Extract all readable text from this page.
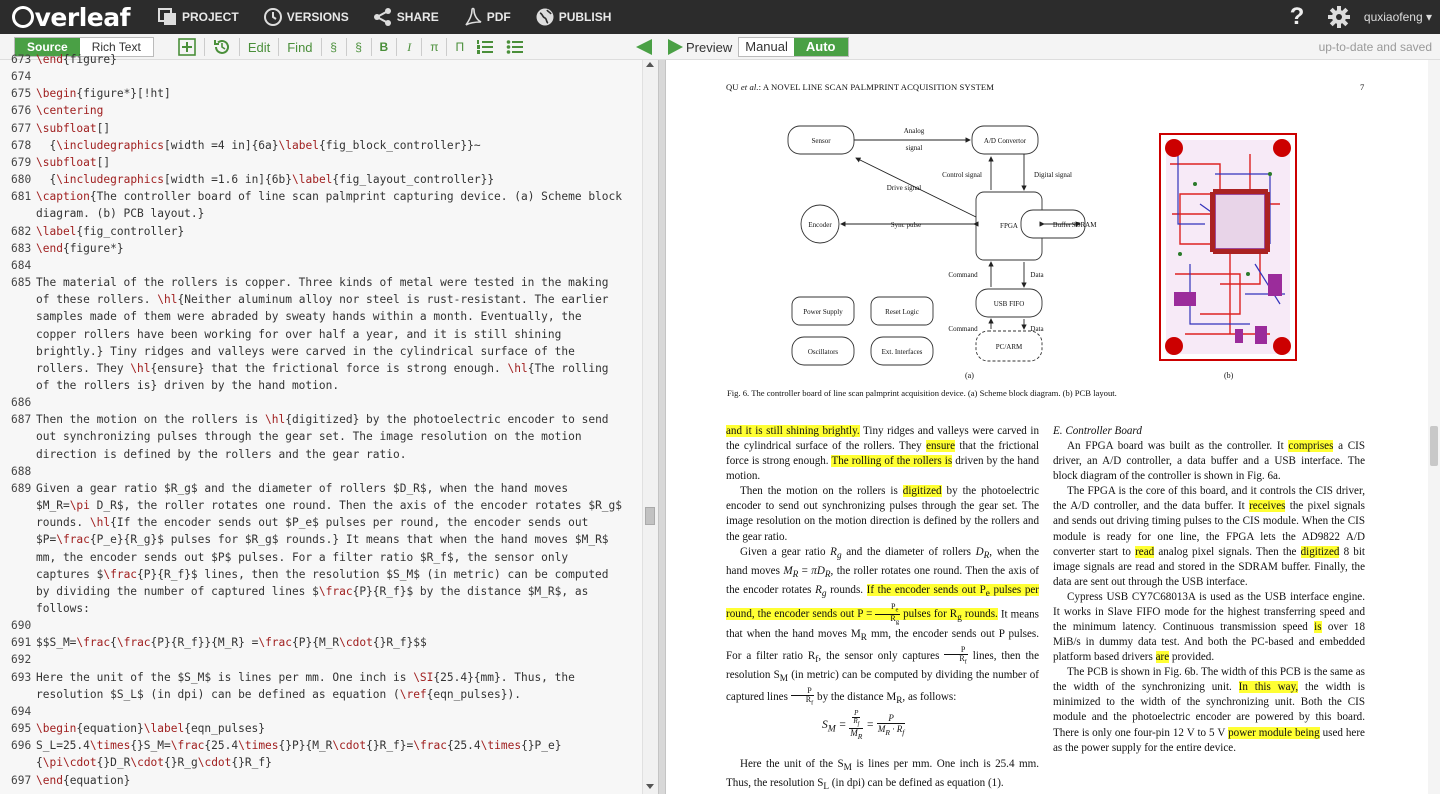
verleaf	PROJECT	VERSIONS	SHARE	PDF	PUBLISH	?	quxiaofeng ▾
Source	Rich Text	Edit	Find	§	§	B	I	π	Π	Preview	Manual	Auto	up-to-date and saved
673 \end{figure}
674
675 \begin{figure*}[!ht]
676 \centering
677 \subfloat[]
678 {\includegraphics[width =4 in]{6a}\label{fig_block_controller}}~
679 \subfloat[]
680 {\includegraphics[width =1.6 in]{6b}\label{fig_layout_controller}}
681 \caption{The controller board of line scan palmprint capturing device. (a) Scheme block
diagram. (b) PCB layout.}
682 \label{fig_controller}
683 \end{figure*}
684
685 The material of the rollers is copper. Three kinds of metal were tested in the making
of these rollers. \hl{Neither aluminum alloy nor steel is rust-resistant. The earlier
samples made of them were abraded by sweaty hands within a month. Eventually, the
copper rollers have been working for over half a year, and it is still shining
brightly.} Tiny ridges and valleys were carved in the cylindrical surface of the
rollers. They \hl{ensure} that the frictional force is strong enough. \hl{The rolling
of the rollers is} driven by the hand motion.
686
687 Then the motion on the rollers is \hl{digitized} by the photoelectric encoder to send
out synchronizing pulses through the gear set. The image resolution on the motion
direction is defined by the rollers and the gear ratio.
688
689 Given a gear ratio $R_g$ and the diameter of rollers $D_R$, when the hand moves
$M_R=\pi D_R$, the roller rotates one round. Then the axis of the encoder rotates $R_g$
rounds. \hl{If the encoder sends out $P_e$ pulses per round, the encoder sends out
$P=\frac{P_e}{R_g}$ pulses for $R_g$ rounds.} It means that when the hand moves $M_R$
mm, the encoder sends out $P$ pulses. For a filter ratio $R_f$, the sensor only
captures $\frac{P}{R_f}$ lines, then the resolution $S_M$ (in metric) can be computed
by dividing the number of captured lines $\frac{P}{R_f}$ by the distance $M_R$, as
follows:
690
691 $$S_M=\frac{\frac{P}{R_f}}{M_R} =\frac{P}{M_R\cdot{}R_f}$$
692
693 Here the unit of the $S_M$ is lines per mm. One inch is \SI{25.4}{mm}. Thus, the
resolution $S_L$ (in dpi) can be defined as equation (\ref{eqn_pulses}).
694
695 \begin{equation}\label{eqn_pulses}
696 S_L=25.4\times{}S_M=\frac{25.4\times{}P}{M_R\cdot{}R_f}=\frac{25.4\times{}P_e}
{\pi\cdot{}D_R\cdot{}R_g\cdot{}R_f}
697 \end{equation}
QU et al.: A NOVEL LINE SCAN PALMPRINT ACQUISITION SYSTEM	7
Sensor	A/D Convertor
Analog
signal
Control signal	Digital signal
Drive signal
Encoder	Sync pulse	FPGA	Buffer SDRAM
Command	Data
USB FIFO
Command	Data
PC/ARM
Power Supply	Reset Logic
Oscillators	Ext. Interfaces
(a)	(b)
Fig. 6. The controller board of line scan palmprint acquisition device. (a) Scheme block diagram. (b) PCB layout.

and it is still shining brightly. Tiny ridges and valleys were carved in the cylindrical surface of the rollers. They ensure that the frictional force is strong enough. The rolling of the rollers is driven by the hand motion.

Then the motion on the rollers is digitized by the photoelectric encoder to send out synchronizing pulses through the gear set. The image resolution on the motion direction is defined by the rollers and the gear ratio.

Given a gear ratio $R_g$ and the diameter of rollers $D_R$, when the hand moves $M_R = \pi D_R$, the roller rotates one round. Then the axis of the encoder rotates $R_g$ rounds. If the encoder sends out $P_e$ pulses per round, the encoder sends out $P = \frac{P_e}{R_g}$ pulses for $R_g$ rounds. It means that when the hand moves $M_R$ mm, the encoder sends out P pulses. For a filter ratio $R_f$, the sensor only captures $\frac{P}{R_f}$ lines, then the resolution $S_M$ (in metric) can be computed by dividing the number of captured lines $\frac{P}{R_f}$ by the distance $M_R$, as follows:

$S_M = \frac{\frac{P}{R_f}}{M_R} = \frac{P}{M_R \cdot R_f}$
Here the unit of the $S_M$ is lines per mm. One inch is 25.4 mm. Thus, the resolution $S_L$ (in dpi) can be defined as equation (1).

E. Controller Board

An FPGA board was built as the controller. It comprises a CIS driver, an A/D controller, a data buffer and a USB interface. The block diagram of the controller is shown in Fig. 6a.

The FPGA is the core of this board, and it controls the CIS driver, the A/D controller, and the data buffer. It receives the pixel signals and sends out driving timing pulses to the CIS module. When the CIS module is ready for one line, the FPGA lets the AD9822 A/D converter start to read analog pixel signals. Then the digitized 8 bit image signals are read and stored in the SDRAM buffer. Finally, the data are sent out through the USB interface.

Cypress USB CY7C68013A is used as the USB interface engine. It works in Slave FIFO mode for the highest transferring speed and the minimum latency. Continuous transmission speed is over 18 MiB/s in dummy data test. And both the PC-based and embedded platform based drivers are provided.

The PCB is shown in Fig. 6b. The width of this PCB is the same as the width of the synchronizing unit. In this way, the width is minimized to the width of the synchronizing unit. Both the CIS module and the photoelectric encoder are powered by this board. There is only one four-pin 12 V to 5 V power module being used here as the power supply for the entire device.
